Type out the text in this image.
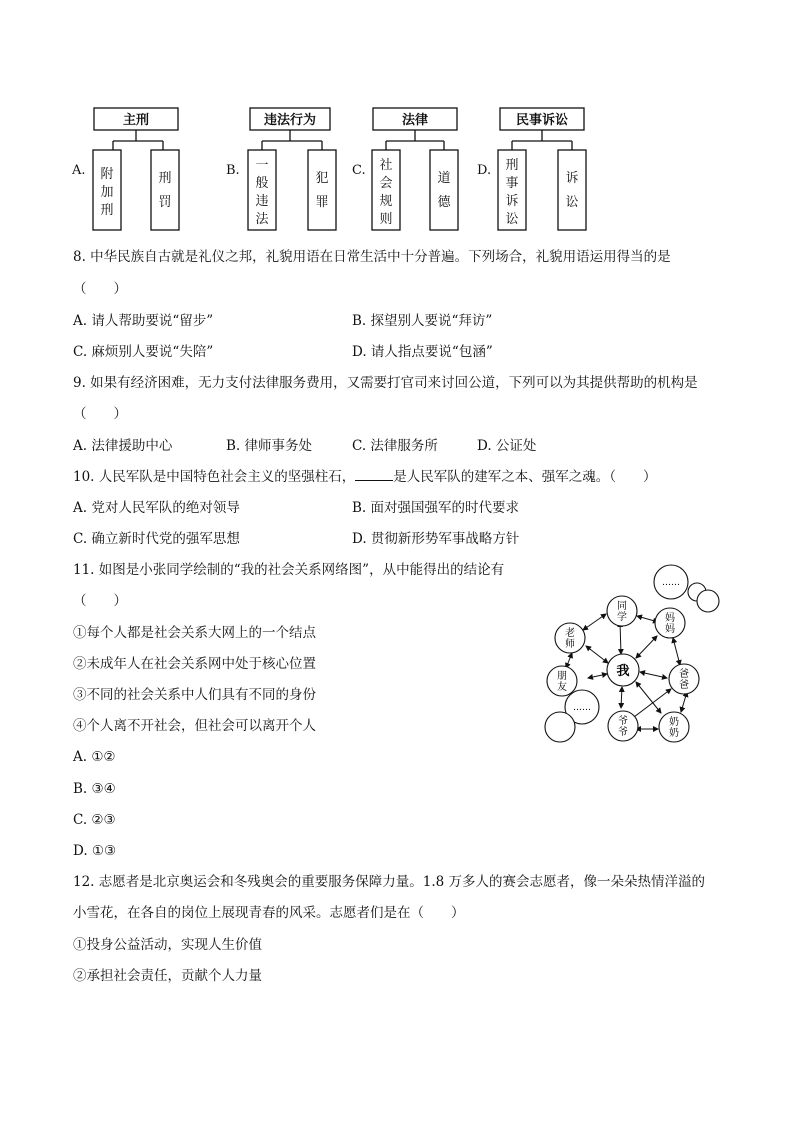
A.	B.	C.	D.
主刑	违法行为	法律	民事诉讼
附
加
刑
刑
罚
一
般
违
法
犯
罪
社
会
规
则
道
德
刑
事
诉
讼
诉
讼
8. 中华民族自古就是礼仪之邦，礼貌用语在日常生活中十分普遍。下列场合，礼貌用语运用得当的是
（　　）
A. 请人帮助要说“留步”	B. 探望别人要说“拜访”
C. 麻烦别人要说“失陪”	D. 请人指点要说“包涵”
9. 如果有经济困难，无力支付法律服务费用，又需要打官司来讨回公道，下列可以为其提供帮助的机构是
（　　）
A. 法律援助中心	B. 律师事务处	C. 法律服务所	D. 公证处
10. 人民军队是中国特色社会主义的坚强柱石，	是人民军队的建军之本、强军之魂。（　　）
A. 党对人民军队的绝对领导	B. 面对强国强军的时代要求
C. 确立新时代党的强军思想	D. 贯彻新形势军事战略方针
11. 如图是小张同学绘制的“我的社会关系网络图”，从中能得出的结论有
（　　）
①每个人都是社会关系大网上的一个结点
②未成年人在社会关系网中处于核心位置
③不同的社会关系中人们具有不同的身份
④个人离不开社会，但社会可以离开个人
A. ①②
B. ③④
C. ②③
D. ①③
……
……
我
同
学
老
师
妈
妈
朋
友
爸
爸
爷
爷
奶
奶
12. 志愿者是北京奥运会和冬残奥会的重要服务保障力量。1.8 万多人的赛会志愿者，像一朵朵热情洋溢的
小雪花，在各自的岗位上展现青春的风采。志愿者们是在（　　）
①投身公益活动，实现人生价值
②承担社会责任，贡献个人力量
